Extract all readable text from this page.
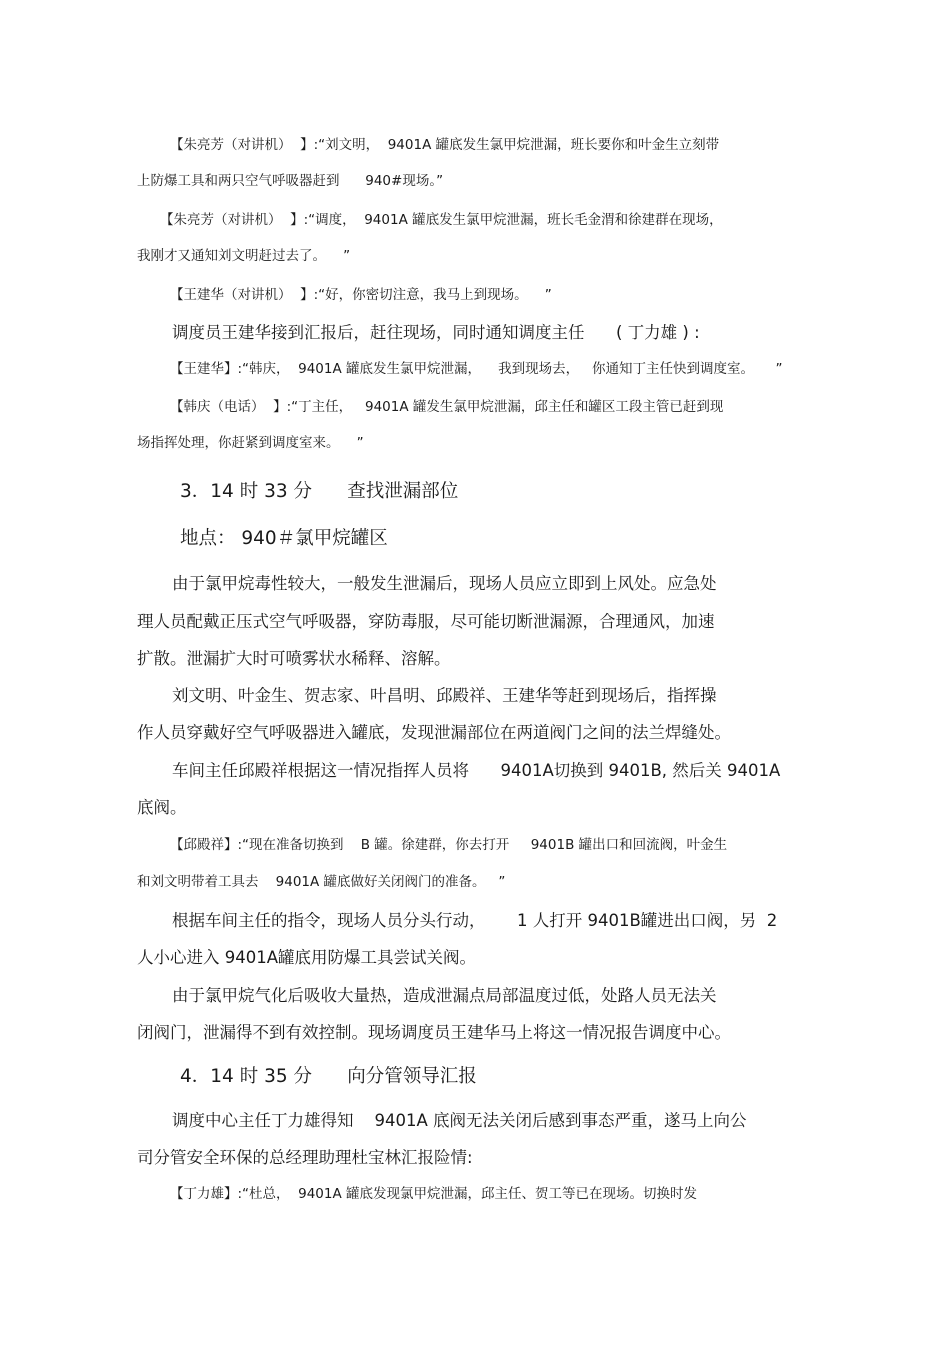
【朱亮芳（对讲机）  】:“刘文明，  9401A 罐底发生氯甲烷泄漏，班长要你和叶金生立刻带
上防爆工具和两只空气呼吸器赶到      940#现场。”
【朱亮芳（对讲机）  】:“调度，  9401A 罐底发生氯甲烷泄漏，班长毛金渭和徐建群在现场，
我刚才又通知刘文明赶过去了。    ”
【王建华（对讲机）  】:“好，你密切注意，我马上到现场。    ”
调度员王建华接到汇报后，赶往现场，同时通知调度主任      ( 丁力雄 ) :
【王建华】:“韩庆，  9401A 罐底发生氯甲烷泄漏，    我到现场去，   你通知丁主任快到调度室。     ”
【韩庆（电话）  】:“丁主任，   9401A 罐发生氯甲烷泄漏，邱主任和罐区工段主管已赶到现
场指挥处理，你赶紧到调度室来。    ”
3．14 时 33 分      查找泄漏部位
地点： 940＃氯甲烷罐区
由于氯甲烷毒性较大，一般发生泄漏后，现场人员应立即到上风处。应急处
理人员配戴正压式空气呼吸器，穿防毒服，尽可能切断泄漏源，合理通风，加速
扩散。泄漏扩大时可喷雾状水稀释、溶解。
刘文明、叶金生、贺志家、叶昌明、邱殿祥、王建华等赶到现场后，指挥操
作人员穿戴好空气呼吸器进入罐底，发现泄漏部位在两道阀门之间的法兰焊缝处。
车间主任邱殿祥根据这一情况指挥人员将      9401A切换到 9401B, 然后关 9401A
底阀。
【邱殿祥】:“现在准备切换到    B 罐。徐建群，你去打开     9401B 罐出口和回流阀，叶金生
和刘文明带着工具去    9401A 罐底做好关闭阀门的准备。   ”
根据车间主任的指令，现场人员分头行动，      1 人打开 9401B罐进出口阀，另  2
人小心进入 9401A罐底用防爆工具尝试关阀。
由于氯甲烷气化后吸收大量热，造成泄漏点局部温度过低，处路人员无法关
闭阀门，泄漏得不到有效控制。现场调度员王建华马上将这一情况报告调度中心。
4．14 时 35 分      向分管领导汇报
调度中心主任丁力雄得知    9401A 底阀无法关闭后感到事态严重，遂马上向公
司分管安全环保的总经理助理杜宝林汇报险情:
【丁力雄】:“杜总，  9401A 罐底发现氯甲烷泄漏，邱主任、贺工等已在现场。切换时发
